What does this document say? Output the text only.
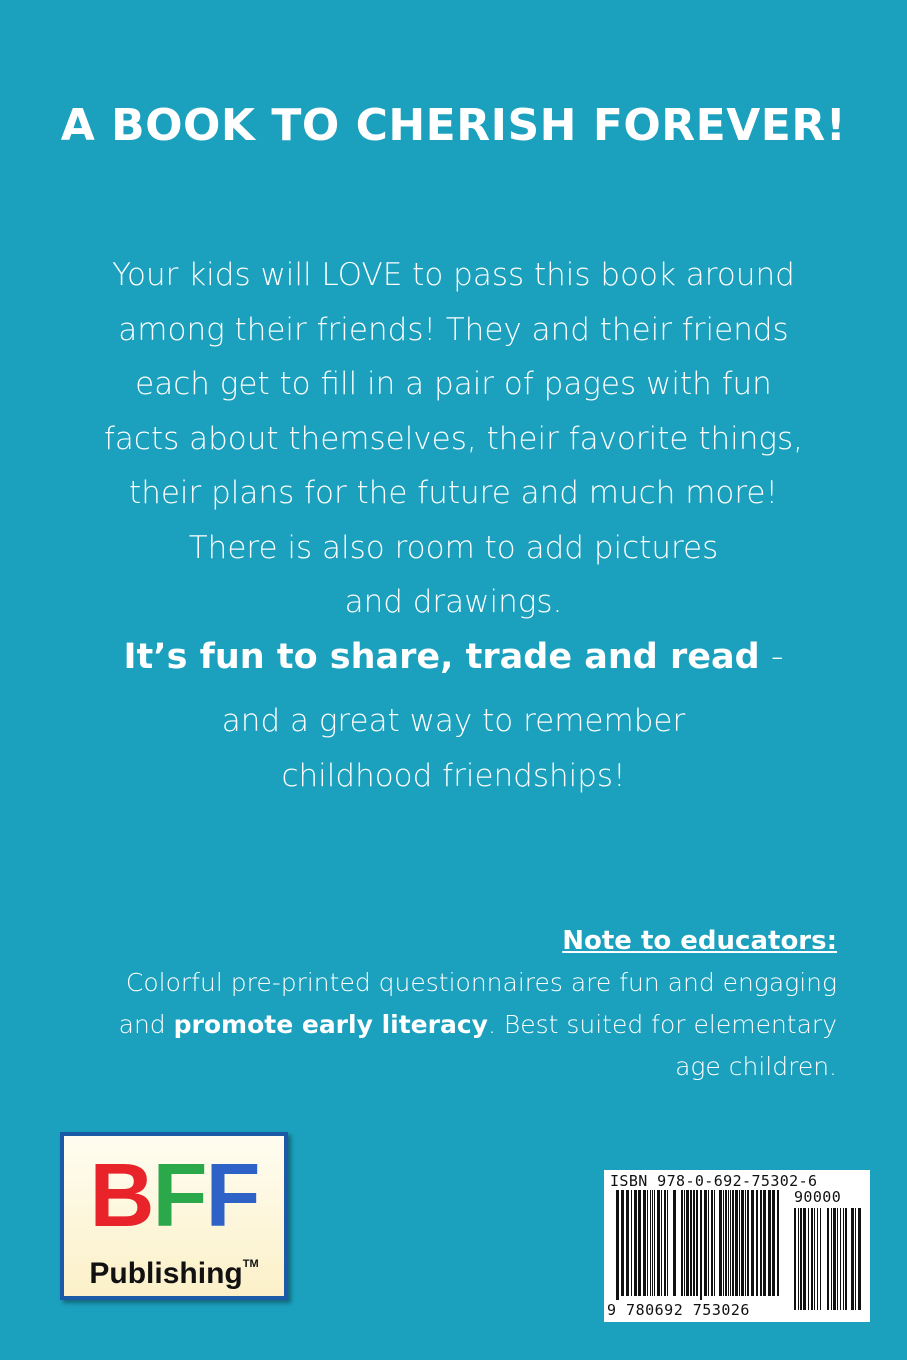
A BOOK TO CHERISH FOREVER!
Your kids will LOVE to pass this book around
among their friends! They and their friends
each get to fill in a pair of pages with fun
facts about themselves, their favorite things,
their plans for the future and much more!
There is also room to add pictures
and drawings.
It’s fun to share, trade and read -
and a great way to remember
childhood friendships!
Note to educators:
Colorful pre-printed questionnaires are fun and engaging
and promote early literacy. Best suited for elementary
age children.
BFF
Publishing™
ISBN 978-0-692-75302-6
90000
9 780692 753026
